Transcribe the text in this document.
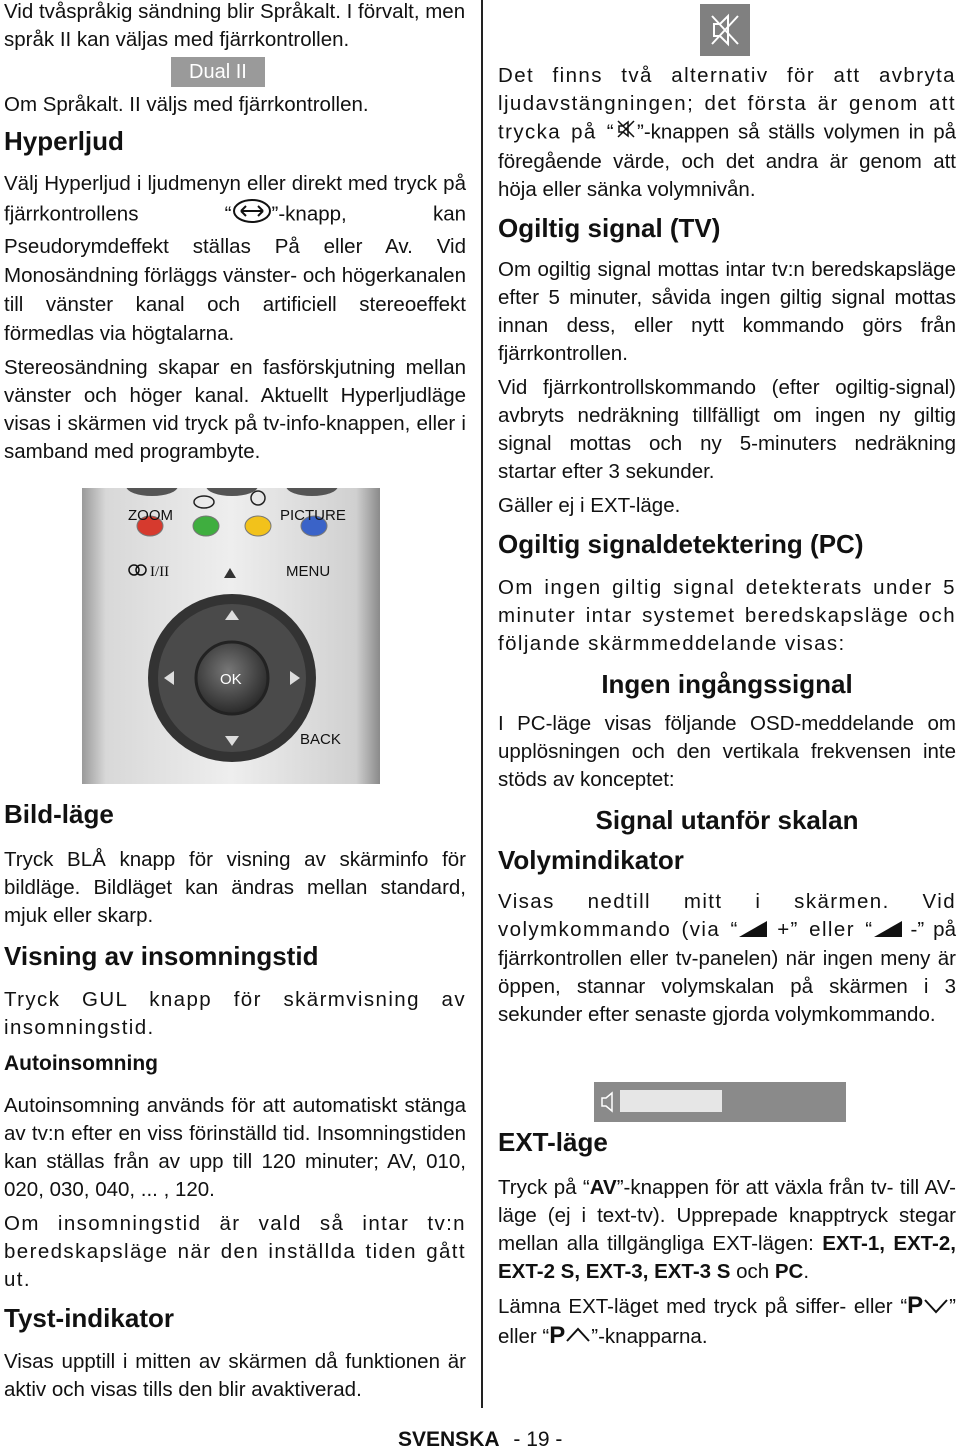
Vid tvåspråkig sändning blir Språkalt. I förvalt, men språk II kan väljas med fjärrkontrollen.

Dual II

Om Språkalt. II väljs med fjärrkontrollen.

Hyperljud

Välj Hyperljud i ljudmenyn eller direkt med tryck på fjärrkontrollens “ ”-knapp, kan Pseudorymdeffekt ställas På eller Av. Vid Monosändning förläggs vänster- och högerkanalen till vänster kanal och artificiell stereoeffekt förmedlas via högtalarna.

Stereosändning skapar en fasförskjutning mellan vänster och höger kanal. Aktuellt Hyperljudläge visas i skärmen vid tryck på tv-info-knappen, eller i samband med programbyte.

Bild-läge

Tryck BLÅ knapp för visning av skärminfo för bildläge. Bildläget kan ändras mellan standard, mjuk eller skarp.

Visning av insomningstid

Tryck GUL knapp för skärmvisning av insomningstid.

Autoinsomning

Autoinsomning används för att automatiskt stänga av tv:n efter en viss förinställd tid. Insomningstiden kan ställas från av upp till 120 minuter; AV, 010, 020, 030, 040, ... , 120.

Om insomningstid är vald så intar tv:n beredskapsläge när den inställda tiden gått ut.

Tyst-indikator

Visas upptill i mitten av skärmen då funktionen är aktiv och visas tills den blir avaktiverad.

ZOOM	PICTURE
I/II	MENU
OK
BACK

Det finns två alternativ för att avbryta ljudavstängningen; det första är genom att trycka på “ ”-knappen så ställs volymen in på föregående värde, och det andra är genom att höja eller sänka volymnivån.

Ogiltig signal (TV)

Om ogiltig signal mottas intar tv:n beredskapsläge efter 5 minuter, såvida ingen giltig signal mottas innan dess, eller nytt kommando görs från fjärrkontrollen.

Vid fjärrkontrollskommando (efter ogiltig-signal) avbryts nedräkning tillfälligt om ingen ny giltig signal mottas och ny 5-minuters nedräkning startar efter 3 sekunder.

Gäller ej i EXT-läge.

Ogiltig signaldetektering (PC)

Om ingen giltig signal detekterats under 5 minuter intar systemet beredskapsläge och följande skärmmeddelande visas:

Ingen ingångssignal

I PC-läge visas följande OSD-meddelande om upplösningen och den vertikala frekvensen inte stöds av konceptet:

Signal utanför skalan
Volymindikator

Visas nedtill mitt i skärmen. Vid volymkommando (via “ +” eller “ -” på fjärrkontrollen eller tv-panelen) när ingen meny är öppen, stannar volymskalan på skärmen i 3 sekunder efter senaste gjorda volymkommando.

EXT-läge

Tryck på “AV”-knappen för att växla från tv- till AV-läge (ej i text-tv). Upprepade knapptryck stegar mellan alla tillgängliga EXT-lägen: EXT-1, EXT-2, EXT-2 S, EXT-3, EXT-3 S och PC.

Lämna EXT-läget med tryck på siffer- eller “P ” eller “P ”-knapparna.

SVENSKA - 19 -
